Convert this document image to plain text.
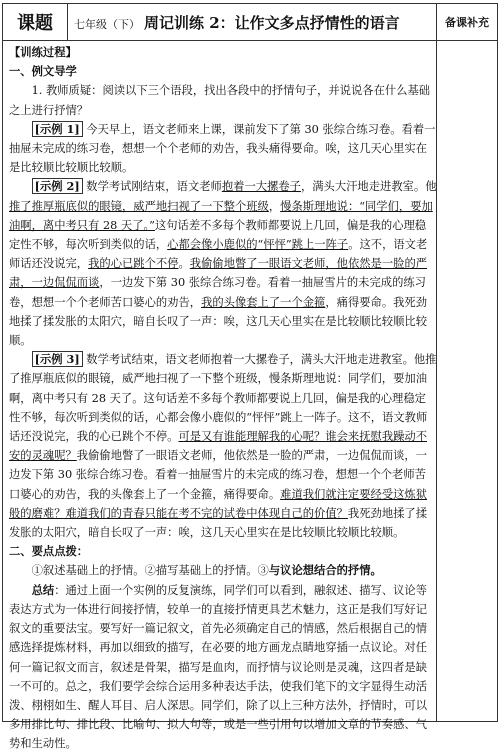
课题	七年级（下） 周记训练 2：让作文多点抒情性的语言	备课补充

【训练过程】

一、例文导学

1. 教师质疑：阅读以下三个语段，找出各段中的抒情句子，并说说各在什么基础之上进行抒情？

[示例 1] 今天早上，语文老师来上课，课前发下了第 30 张综合练习卷。看着一抽屉未完成的练习卷，想想一个个老师的劝告，我头痛得要命。唉，这几天心里实在是比较顺比较顺比较顺。

[示例 2] 数学考试刚结束，语文老师抱着一大摞卷子，满头大汗地走进教室。他推了推厚瓶底似的眼镜，威严地扫视了一下整个班级，慢条斯理地说：“同学们，要加油啊，离中考只有 28 天了。”这句话差不多每个教师都要说上几回，偏是我的心理稳定性不够，每次听到类似的话，心都会像小鹿似的“怦怦”跳上一阵子。这不，语文老师话还没说完，我的心已跳个不停。我偷偷地瞥了一眼语文老师，他依然是一脸的严肃，一边侃侃而谈，一边发下第 30 张综合练习卷。看着一抽屉雪片的未完成的练习卷，想想一个个老师苦口婆心的劝告，我的头像套上了一个金箍，痛得要命。我死劲地揉了揉发胀的太阳穴，暗自长叹了一声：唉，这几天心里实在是比较顺比较顺比较顺。

[示例 3] 数学考试结束，语文老师抱着一大摞卷子，满头大汗地走进教室。他推了推厚瓶底似的眼镜，威严地扫视了一下整个班级，慢条斯理地说：同学们，要加油啊，离中考只有 28 天了。这句话差不多每个教师都要说上几回，偏是我的心理稳定性不够，每次听到类似的话，心都会像小鹿似的“怦怦”跳上一阵子。这不，语文教师话还没说完，我的心已跳个不停。可是又有谁能理解我的心呢？谁会来抚慰我躁动不安的灵魂呢？我偷偷地瞥了一眼语文老师，他依然是一脸的严肃，一边侃侃而谈，一边发下第 30 张综合练习卷。看着一抽屉雪片的未完成的练习卷，想想一个个老师苦口婆心的劝告，我的头像套上了一个金箍，痛得要命。难道我们就注定要经受这炼狱般的磨难？难道我们的青春只能在考不完的试卷中体现自己的价值？我死劲地揉了揉发胀的太阳穴，暗自长叹了一声：唉，这几天心里实在是比较顺比较顺比较顺。

二、要点点拨：

①叙述基础上的抒情。②描写基础上的抒情。③与议论想结合的抒情。

总结：通过上面一个实例的反复演练，同学们可以看到，融叙述、描写、议论等表达方式为一体进行间接抒情，较单一的直接抒情更具艺术魅力，这正是我们写好记叙文的重要法宝。要写好一篇记叙文，首先必须确定自己的情感，然后根据自己的情感选择提炼材料，再加以细致的描写，在必要的地方画龙点睛地穿插一点议论。对任何一篇记叙文而言，叙述是骨架，描写是血肉，而抒情与议论则是灵魂，这四者是缺一不可的。总之，我们要学会综合运用多种表达手法，使我们笔下的文字显得生动活泼、栩栩如生、醒人耳目、启人深思。同学们，除了以上三种方法外，抒情时，可以多用排比句、排比段、比喻句、拟人句等，或是一些引用句以增加文章的节奏感、气势和生动性。
